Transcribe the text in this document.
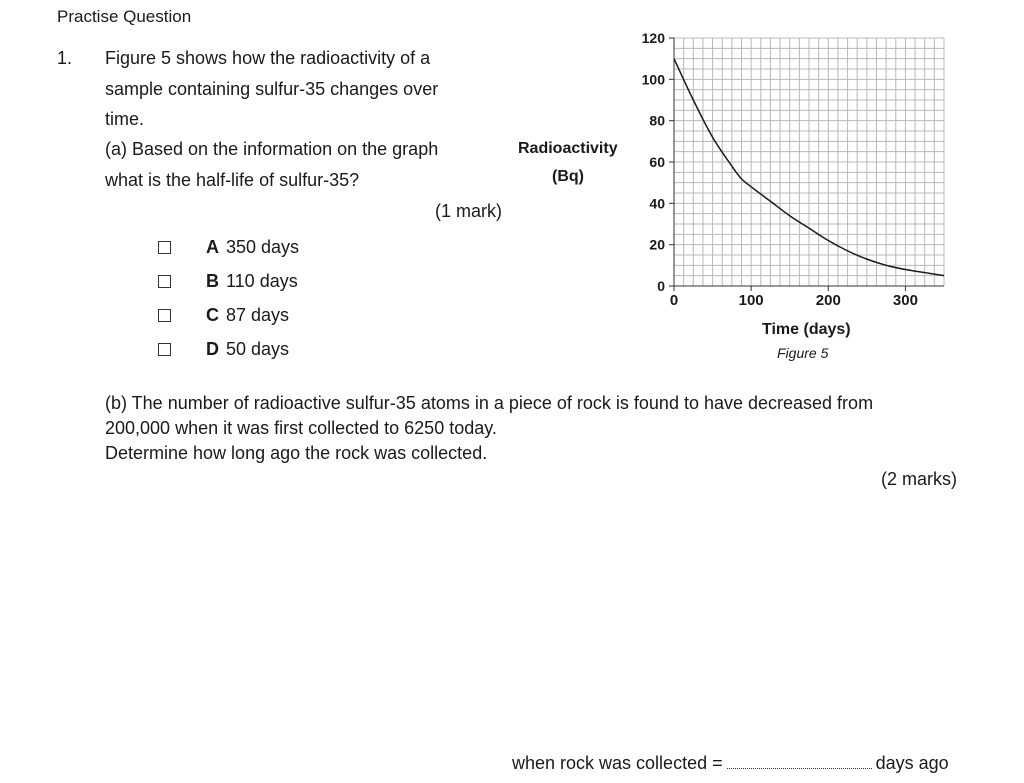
Practise Question
1. Figure 5 shows how the radioactivity of a
sample containing sulfur-35 changes over
time.
(a) Based on the information on the graph
what is the half-life of sulfur-35?
(1 mark)
A 350 days
B 110 days
C 87 days
D 50 days
Radioactivity
(Bq)
0
20
40
60
80
100
120
0	100	200	300
Time (days)
Figure 5
(b) The number of radioactive sulfur-35 atoms in a piece of rock is found to have decreased from
200,000 when it was first collected to 6250 today.
Determine how long ago the rock was collected.
(2 marks)
when rock was collected =	days ago
